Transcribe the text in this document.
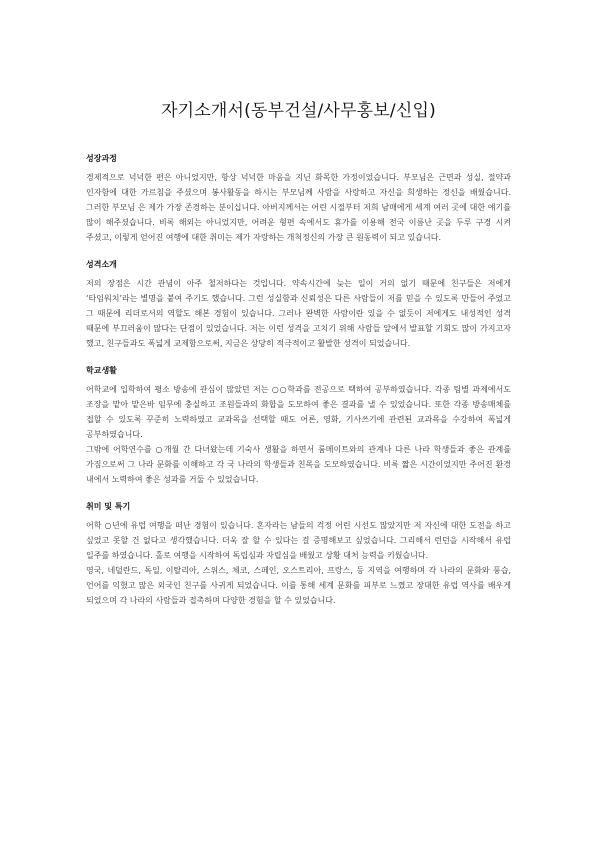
자기소개서(동부건설/사무홍보/신입)
성장과정

경제적으로 넉넉한 편은 아니었지만, 항상 넉넉한 마음을 지닌 화목한 가정이었습니다. 부모님은 근면과 성실, 절약과 인자함에 대한 가르침을 주셨으며 봉사활동을 하시는 부모님께 사람을 사랑하고 자신을 희생하는 정신을 배웠습니다. 그러한 부모님 은 제가 가장 존경하는 분이십니다. 아버지께서는 어린 시절부터 저희 남매에게 세계 여러 곳에 대한 얘기를 많이 해주셨습니다. 비록 해외는 아니었지만, 어려운 형편 속에서도 휴가를 이용해 전국 이름난 곳을 두루 구경 시켜 주셨고, 이렇게 얻어진 여행에 대한 취미는 제가 자랑하는 개척정신의 가장 큰 원동력이 되고 있습니다.

성격소개

저의 장점은 시간 관념이 아주 철저하다는 것입니다. 약속시간에 늦는 일이 거의 없기 때문에 친구들은 저에게 ‘타임워치’라는 별명을 붙여 주기도 했습니다. 그런 성실함과 신뢰성은 다른 사람들이 저를 믿을 수 있도록 만들어 주었고 그 때문에 리더로서의 역할도 해본 경험이 있습니다. 그러나 완벽한 사람이란 있을 수 없듯이 저에게도 내성적인 성격 때문에 부끄러움이 많다는 단점이 있었습니다. 저는 이런 성격을 고치기 위해 사람들 앞에서 발표할 기회도 많이 가지고자 했고, 친구들과도 폭넓게 교제함으로써, 지금은 상당히 적극적이고 활발한 성격이 되었습니다.

학교생활

어학교에 입학하여 평소 방송에 관심이 많았던 저는 ○○학과를 전공으로 택하여 공부하였습니다. 각종 팀별 과제에서도 조장을 맡아 맡은바 임무에 충실하고 조원들과의 화합을 도모하여 좋은 결과를 낼 수 있었습니다. 또한 각종 방송매체를 접할 수 있도록 꾸준히 노력하였고 교과목을 선택할 때도 어론, 영화, 기사쓰기에 관련된 교과목을 수강하여 폭넓게 공부하였습니다.

그밖에 어학연수를 ○개월 간 다녀왔는데 기숙사 생활을 하면서 룸메이트와의 관계나 다른 나라 학생들과 좋은 관계를 가짐으로써 그 나라 문화를 이해하고 각 국 나라의 학생들과 친목을 도모하였습니다. 비록 짧은 시간이었지만 주어진 환경 내에서 노력하여 좋은 성과를 거둘 수 있었습니다.

취미 및 특기

어학 ○년에 유럽 여행을 떠난 경험이 있습니다. 혼자라는 남들의 걱정 어린 시선도 많았지만 저 자신에 대한 도전을 하고 싶었고 못할 건 없다고 생각했습니다. 더욱 잘 할 수 있다는 걸 증명해보고 싶었습니다. 그리해서 런던을 시작해서 유럽 일주를 하였습니다. 홀로 여행을 시작하여 독립심과 자립심을 배웠고 상황 대처 능력을 키웠습니다.

영국, 네덜란드, 독일, 이탈리아, 스위스, 체코, 스페인, 오스트리아, 프랑스, 등 지역을 여행하며 각 나라의 문화와 풍습, 언어를 익혔고 많은 외국인 친구를 사귀게 되었습니다. 이를 통해 세계 문화를 피부로 느꼈고 장대한 유럽 역사를 배우게 되었으며 각 나라의 사람들과 접촉하며 다양한 경험을 할 수 있었습니다.
